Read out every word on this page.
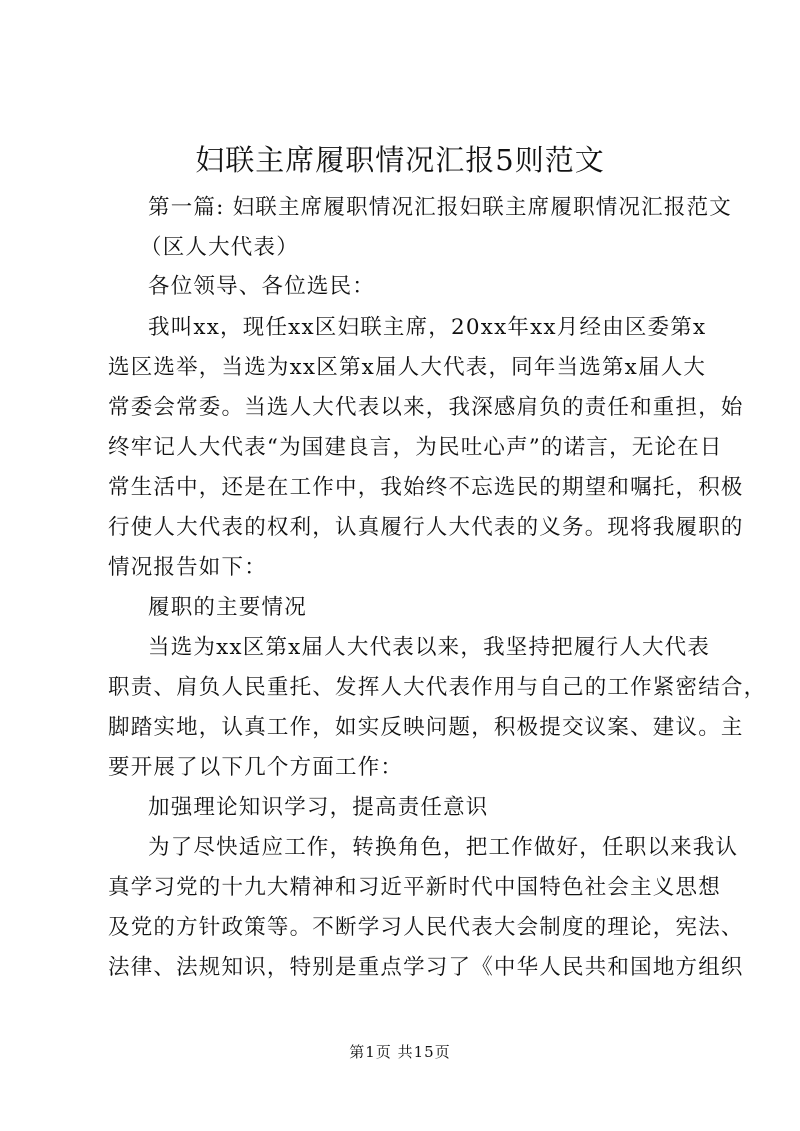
妇联主席履职情况汇报5则范文
第一篇: 妇联主席履职情况汇报妇联主席履职情况汇报范文
（区人大代表）
各位领导、各位选民：
我叫xx，现任xx区妇联主席，20xx年xx月经由区委第x
选区选举，当选为xx区第x届人大代表，同年当选第x届人大
常委会常委。当选人大代表以来，我深感肩负的责任和重担，始
终牢记人大代表“为国建良言，为民吐心声”的诺言，无论在日
常生活中，还是在工作中，我始终不忘选民的期望和嘱托，积极
行使人大代表的权利，认真履行人大代表的义务。现将我履职的
情况报告如下：
履职的主要情况
当选为xx区第x届人大代表以来，我坚持把履行人大代表
职责、肩负人民重托、发挥人大代表作用与自己的工作紧密结合，
脚踏实地，认真工作，如实反映问题，积极提交议案、建议。主
要开展了以下几个方面工作：
加强理论知识学习，提高责任意识
为了尽快适应工作，转换角色，把工作做好，任职以来我认
真学习党的十九大精神和习近平新时代中国特色社会主义思想
及党的方针政策等。不断学习人民代表大会制度的理论，宪法、
法律、法规知识，特别是重点学习了《中华人民共和国地方组织
第1页 共15页
